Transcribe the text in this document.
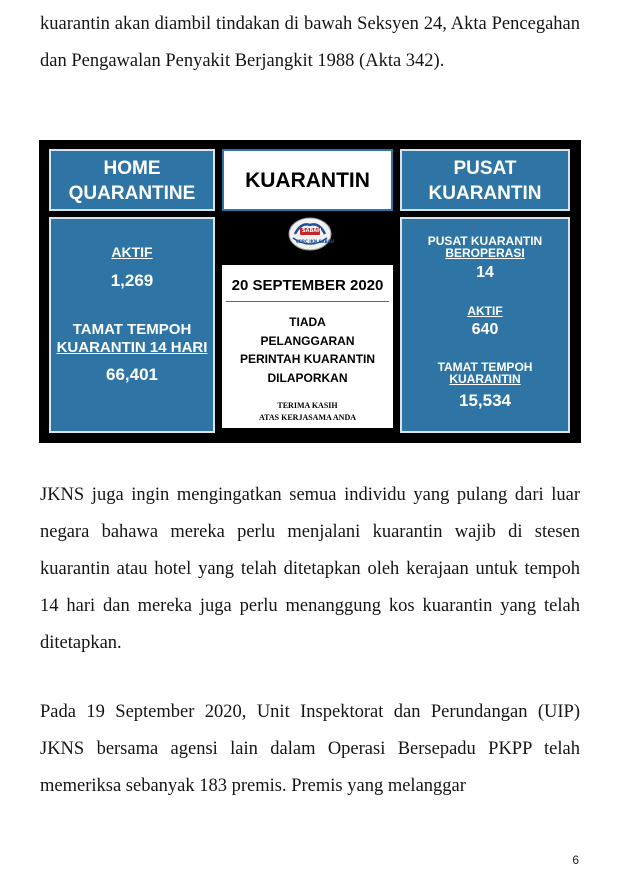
kuarantin akan diambil tindakan di bawah Seksyen 24, Akta Pencegahan dan Pengawalan Penyakit Berjangkit 1988 (Akta 342).

HOME
QUARANTINE
AKTIF
1,269
TAMAT TEMPOH
KUARANTIN 14 HARI
66,401
KUARANTIN
SABAH
CPRC JKN SABAH
20 SEPTEMBER 2020
TIADA
PELANGGARAN
PERINTAH KUARANTIN
DILAPORKAN
TERIMA KASIH
ATAS KERJASAMA ANDA
PUSAT
KUARANTIN
PUSAT KUARANTIN
BEROPERASI
14
AKTIF
640
TAMAT TEMPOH
KUARANTIN
15,534

JKNS juga ingin mengingatkan semua individu yang pulang dari luar negara bahawa mereka perlu menjalani kuarantin wajib di stesen kuarantin atau hotel yang telah ditetapkan oleh kerajaan untuk tempoh 14 hari dan mereka juga perlu menanggung kos kuarantin yang telah ditetapkan.

Pada 19 September 2020, Unit Inspektorat dan Perundangan (UIP) JKNS bersama agensi lain dalam Operasi Bersepadu PKPP telah memeriksa sebanyak 183 premis. Premis yang melanggar

6
